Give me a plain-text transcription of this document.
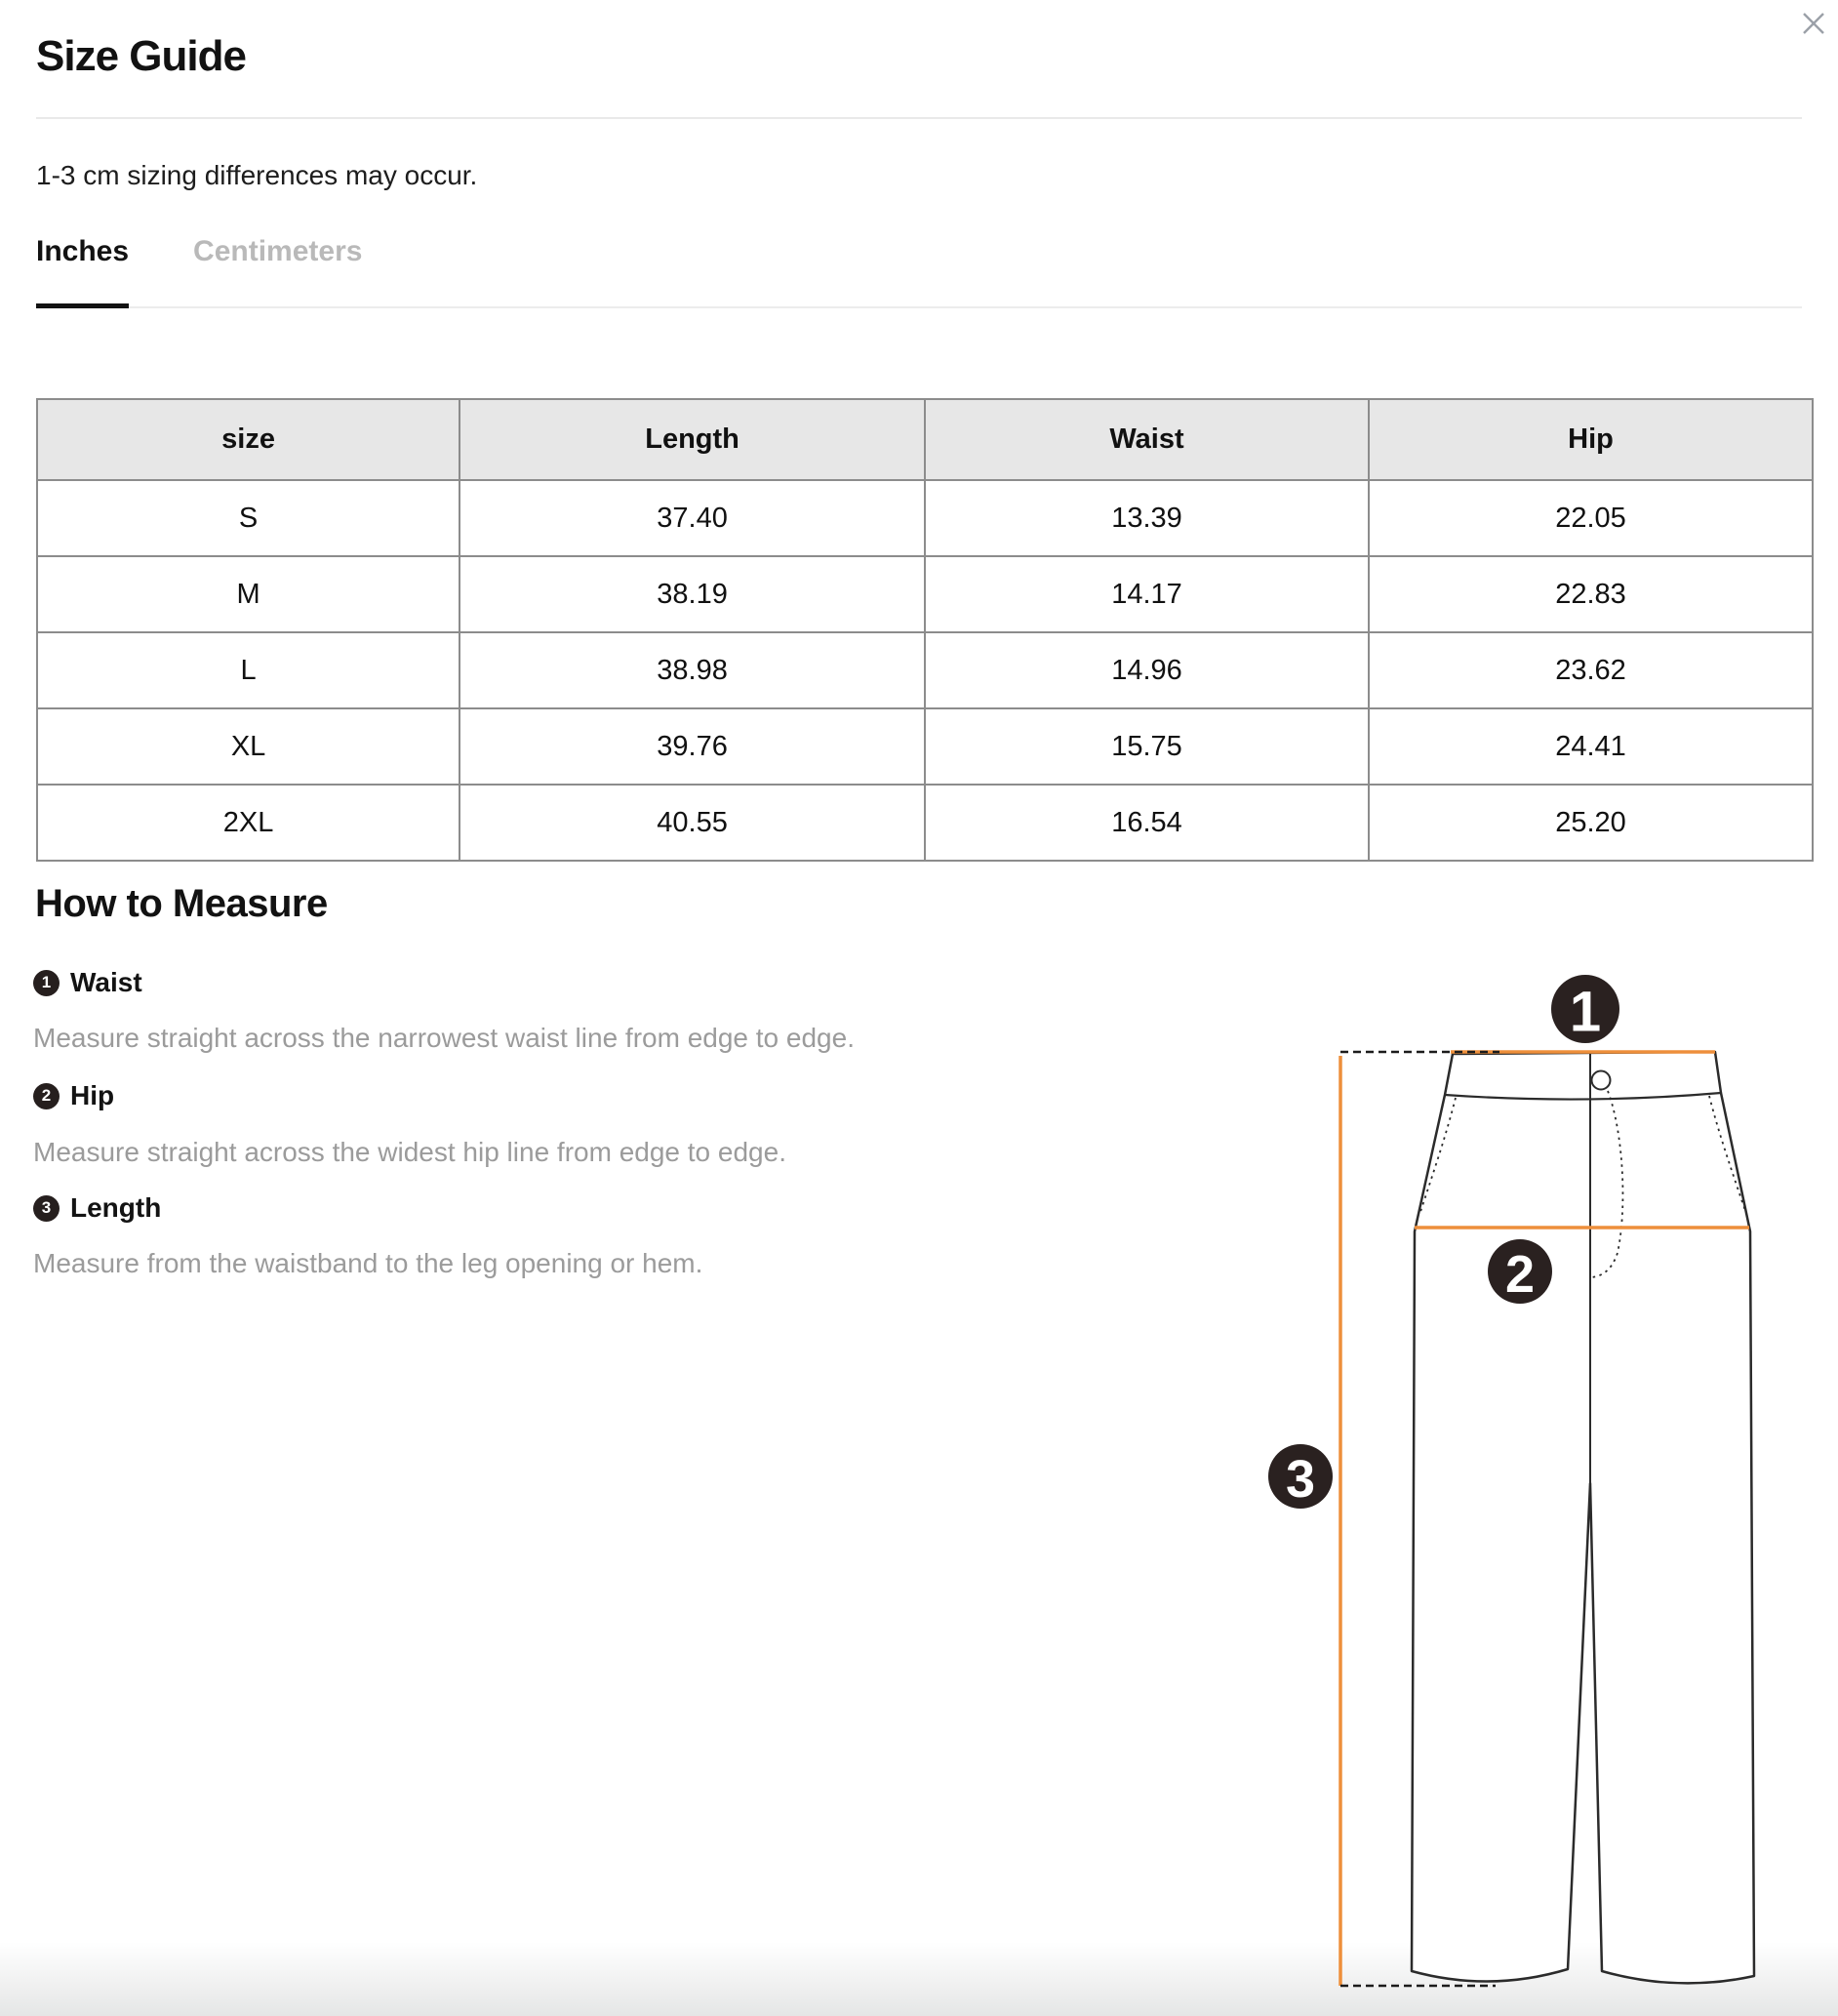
Size Guide
1-3 cm sizing differences may occur.
Inches Centimeters
size	Length	Waist	Hip
S	37.40	13.39	22.05
M	38.19	14.17	22.83
L	38.98	14.96	23.62
XL	39.76	15.75	24.41
2XL	40.55	16.54	25.20
How to Measure
1 Waist
Measure straight across the narrowest waist line from edge to edge.
2 Hip
Measure straight across the widest hip line from edge to edge.
3 Length
Measure from the waistband to the leg opening or hem.
1
2
3
